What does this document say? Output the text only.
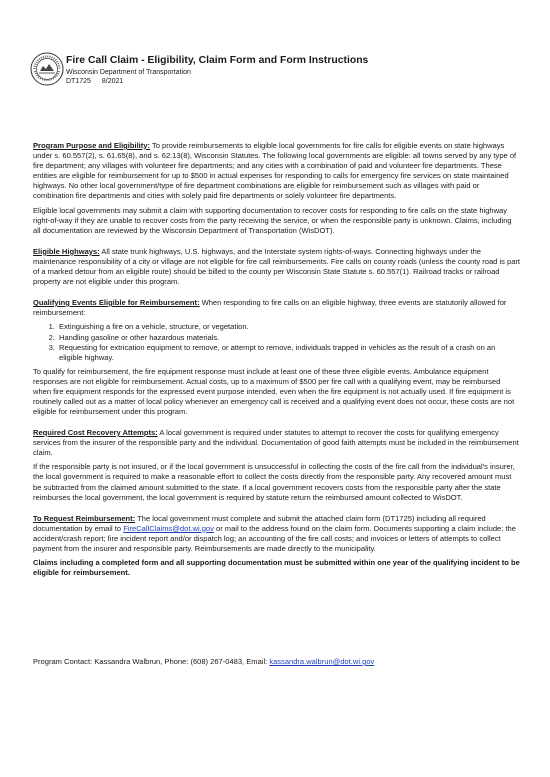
Fire Call Claim - Eligibility, Claim Form and Form Instructions
Wisconsin Department of Transportation
DT1725 8/2021

Program Purpose and Eligibility: To provide reimbursements to eligible local governments for fire calls for eligible events on state highways under s. 60.557(2), s. 61.65(8), and s. 62.13(8), Wisconsin Statutes. The following local governments are eligible: all towns served by any type of fire department; any villages with volunteer fire departments; and any cities with a combination of paid and volunteer fire departments. These entities are eligible for reimbursement for up to $500 in actual expenses for responding to calls for emergency fire services on state maintained highways. No other local government/type of fire department combinations are eligible for reimbursement such as villages with paid or combination fire departments and cities with solely paid fire departments or solely volunteer fire departments.

Eligible local governments may submit a claim with supporting documentation to recover costs for responding to fire calls on the state highway right-of-way if they are unable to recover costs from the party receiving the service, or when the responsible party is unknown. Claims, including all documentation are reviewed by the Wisconsin Department of Transportation (WisDOT).

Eligible Highways: All state trunk highways, U.S. highways, and the Interstate system rights-of-ways. Connecting highways under the maintenance responsibility of a city or village are not eligible for fire call reimbursements. Fire calls on county roads (unless the county road is part of a marked detour from an eligible route) should be billed to the county per Wisconsin State Statute s. 60.557(1). Railroad tracks or railroad property are not eligible under this program.

Qualifying Events Eligible for Reimbursement: When responding to fire calls on an eligible highway, three events are statutorily allowed for reimbursement:

1. Extinguishing a fire on a vehicle, structure, or vegetation.
2. Handling gasoline or other hazardous materials.
3. Requesting for extrication equipment to remove, or attempt to remove, individuals trapped in vehicles as the result of a crash on an eligible highway.

To qualify for reimbursement, the fire equipment response must include at least one of these three eligible events. Ambulance equipment responses are not eligible for reimbursement. Actual costs, up to a maximum of $500 per fire call with a qualifying event, may be reimbursed when fire equipment responds for the expressed event purpose intended, even when the fire equipment is not actually used. If fire equipment is routinely called out as a matter of local policy whenever an emergency call is received and a qualifying event does not occur, these costs are not eligible for reimbursement under this program.

Required Cost Recovery Attempts: A local government is required under statutes to attempt to recover the costs for qualifying emergency services from the insurer of the responsible party and the individual. Documentation of good faith attempts must be included in the reimbursement claim.

If the responsible party is not insured, or if the local government is unsuccessful in collecting the costs of the fire call from the individual's insurer, the local government is required to make a reasonable effort to collect the costs directly from the responsible party. Any recovered amount must be subtracted from the claimed amount submitted to the state. If a local government recovers costs from the responsible party after the state reimburses the local government, the local government is required by statute return the reimbursed amount collected to WisDOT.

To Request Reimbursement: The local government must complete and submit the attached claim form (DT1725) including all required documentation by email to FireCallClaims@dot.wi.gov or mail to the address found on the claim form. Documents supporting a claim include: the accident/crash report; fire incident report and/or dispatch log; an accounting of the fire call costs; and invoices or letters of attempts to collect payment from the insurer and responsible party. Reimbursements are made directly to the municipality.

Claims including a completed form and all supporting documentation must be submitted within one year of the qualifying incident to be eligible for reimbursement.

Program Contact: Kassandra Walbrun, Phone: (608) 267-0483, Email: kassandra.walbrun@dot.wi.gov
